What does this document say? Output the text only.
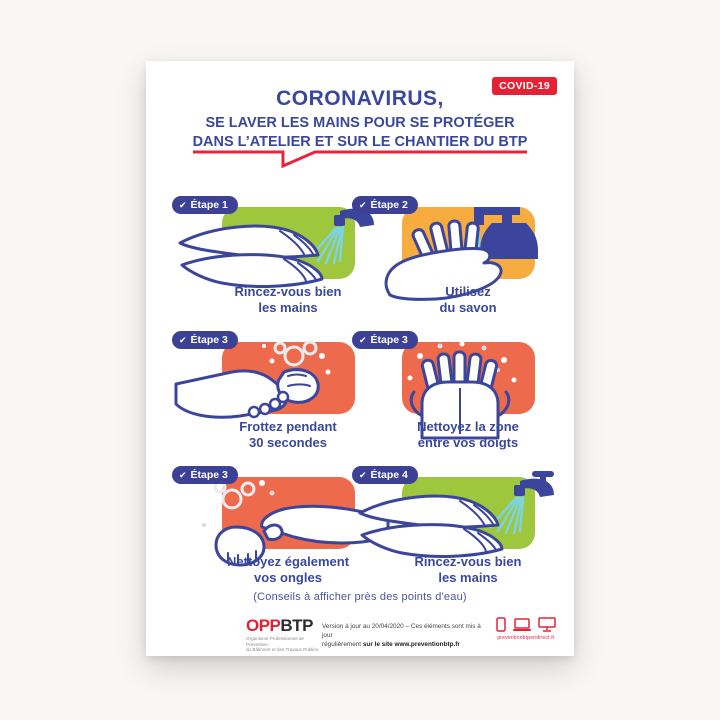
COVID-19
CORONAVIRUS,
SE LAVER LES MAINS POUR SE PROTÉGER
DANS L’ATELIER ET SUR LE CHANTIER DU BTP
✔ Étape 1
Rincez-vous bien
les mains
✔ Étape 2
Utilisez
du savon
✔ Étape 3
Frottez pendant
30 secondes
✔ Étape 3
Nettoyez la zone
entre vos doigts
✔ Étape 3
Nettoyez également
vos ongles
✔ Étape 4
Rincez-vous bien
les mains
(Conseils à afficher près des points d'eau)
OPPBTP
Organisme Professionnel de Prévention
du Bâtiment et des Travaux Publics
Version à jour au 20/04/2020 – Ces éléments sont mis à jour
régulièrement sur le site www.preventionbtp.fr
preventionbtpendirect.fr
